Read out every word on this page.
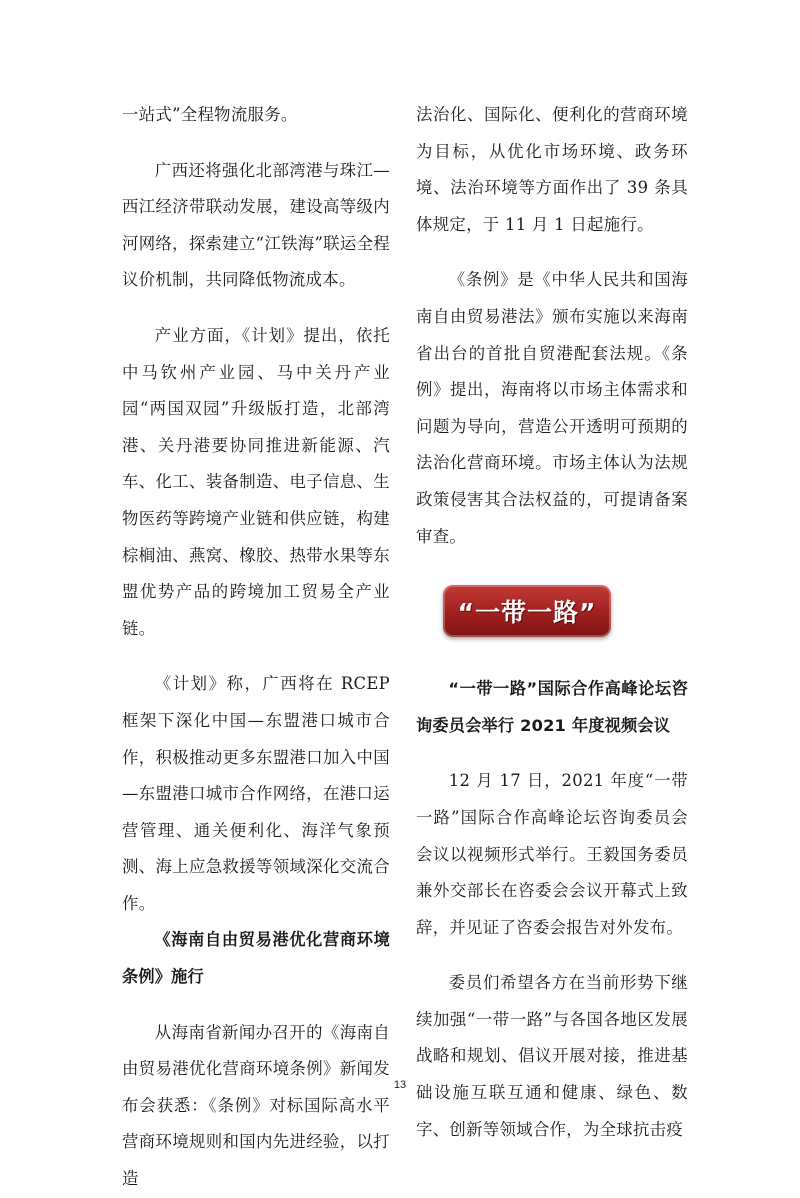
一站式”全程物流服务。

广西还将强化北部湾港与珠江—西江经济带联动发展，建设高等级内河网络，探索建立“江铁海”联运全程议价机制，共同降低物流成本。

产业方面，《计划》提出，依托中马钦州产业园、马中关丹产业园“两国双园”升级版打造，北部湾港、关丹港要协同推进新能源、汽车、化工、装备制造、电子信息、生物医药等跨境产业链和供应链，构建棕榈油、燕窝、橡胶、热带水果等东盟优势产品的跨境加工贸易全产业链。

《计划》称，广西将在 RCEP 框架下深化中国—东盟港口城市合作，积极推动更多东盟港口加入中国—东盟港口城市合作网络，在港口运营管理、通关便利化、海洋气象预测、海上应急救援等领域深化交流合作。

《海南自由贸易港优化营商环境条例》施行

从海南省新闻办召开的《海南自由贸易港优化营商环境条例》新闻发布会获悉：《条例》对标国际高水平营商环境规则和国内先进经验，以打造

法治化、国际化、便利化的营商环境为目标，从优化市场环境、政务环境、法治环境等方面作出了 39 条具体规定，于 11 月 1 日起施行。

《条例》是《中华人民共和国海南自由贸易港法》颁布实施以来海南省出台的首批自贸港配套法规。《条例》提出，海南将以市场主体需求和问题为导向，营造公开透明可预期的法治化营商环境。市场主体认为法规政策侵害其合法权益的，可提请备案审查。

“一带一路”

“一带一路”国际合作高峰论坛咨询委员会举行 2021 年度视频会议

12 月 17 日，2021 年度“一带一路”国际合作高峰论坛咨询委员会会议以视频形式举行。王毅国务委员兼外交部长在咨委会会议开幕式上致辞，并见证了咨委会报告对外发布。

委员们希望各方在当前形势下继续加强“一带一路”与各国各地区发展战略和规划、倡议开展对接，推进基础设施互联互通和健康、绿色、数字、创新等领域合作，为全球抗击疫

13
